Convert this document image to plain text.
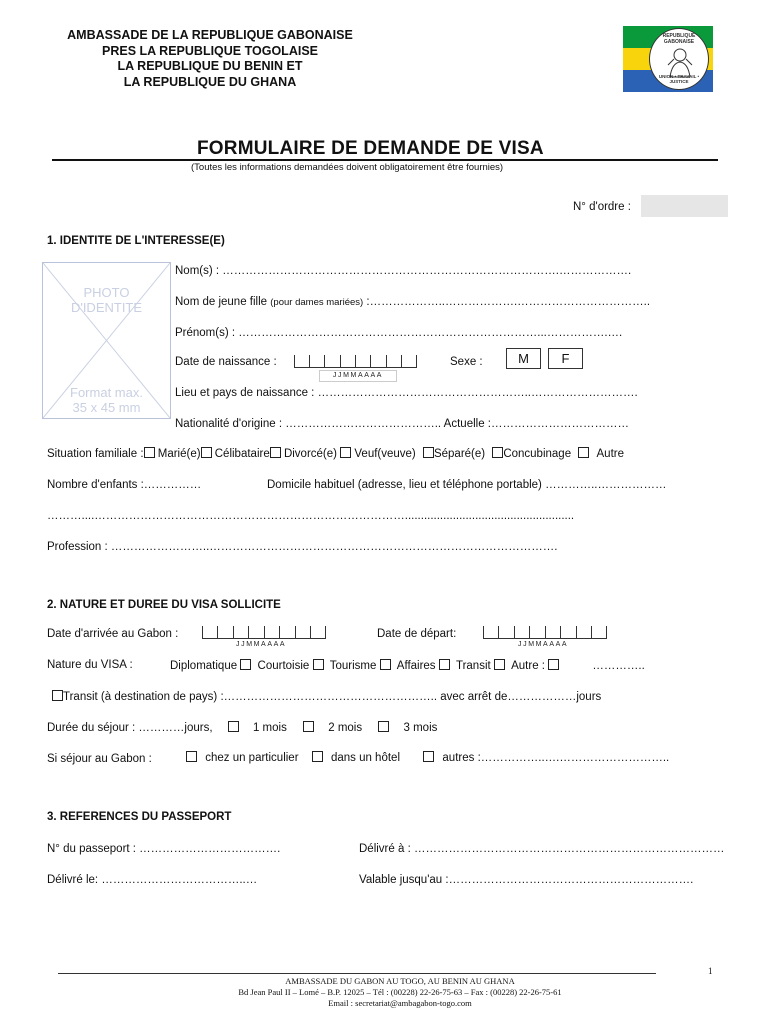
AMBASSADE DE LA REPUBLIQUE GABONAISE
PRES LA REPUBLIQUE TOGOLAISE
LA REPUBLIQUE DU BENIN ET
LA REPUBLIQUE DU GHANA
REPUBLIQUE GABONAISE
UNION • TRAVAIL • JUSTICE
FORMULAIRE DE DEMANDE DE VISA
(Toutes les informations demandées doivent obligatoirement être fournies)
N° d'ordre :
1. IDENTITE DE L'INTERESSE(E)
PHOTO
D'IDENTITE
Format max.
35 x 45 mm
Nom(s) : …………………………………………………………………………….……………….
Nom de jeune fille (pour dames mariées) :………………..……………….……………………………..
Prénom(s) : ……………………………………………………………………...…………….….
Date de naissance :
JJMMAAAA
Sexe :	M	F
Lieu et pays de naissance : ………………………………………………..……………………….
Nationalité d'origine : ………………………………….. Actuelle :………………………………
Situation familiale : Marié(e) Célibataire Divorcé(e) Veuf(veuve) Séparé(e) Concubinage Autre
Nombre d'enfants :……………	Domicile habituel (adresse, lieu et téléphone portable) …………..………………
………....……………………………………………………………………….....................................................
Profession : ……………………..……………………………………………………………………………….
2. NATURE ET DUREE DU VISA SOLLICITE
Date d'arrivée au Gabon :
JJMMAAAA
Date de départ:
JJMMAAAA
Nature du VISA :	Diplomatique Courtoisie Tourisme Affaires Transit Autre :	…………..
Transit (à destination de pays) :……………………………………………….. avec arrêt de………………jours
Durée du séjour : …………jours,	1 mois	2 mois	3 mois
Si séjour au Gabon :	chez un particulier	dans un hôtel	autres :……………..….………………………..
3. REFERENCES DU PASSEPORT
N° du passeport : ……………………………….	Délivré à : ………………………………………………………………………
Délivré le: ………………………………..…	Valable jusqu'au :……………………………………………………….
1
AMBASSADE DU GABON AU TOGO, AU BENIN AU GHANA
Bd Jean Paul II – Lomé – B.P. 12025 – Tél : (00228) 22-26-75-63 – Fax : (00228) 22-26-75-61
Email : secretariat@ambagabon-togo.com
